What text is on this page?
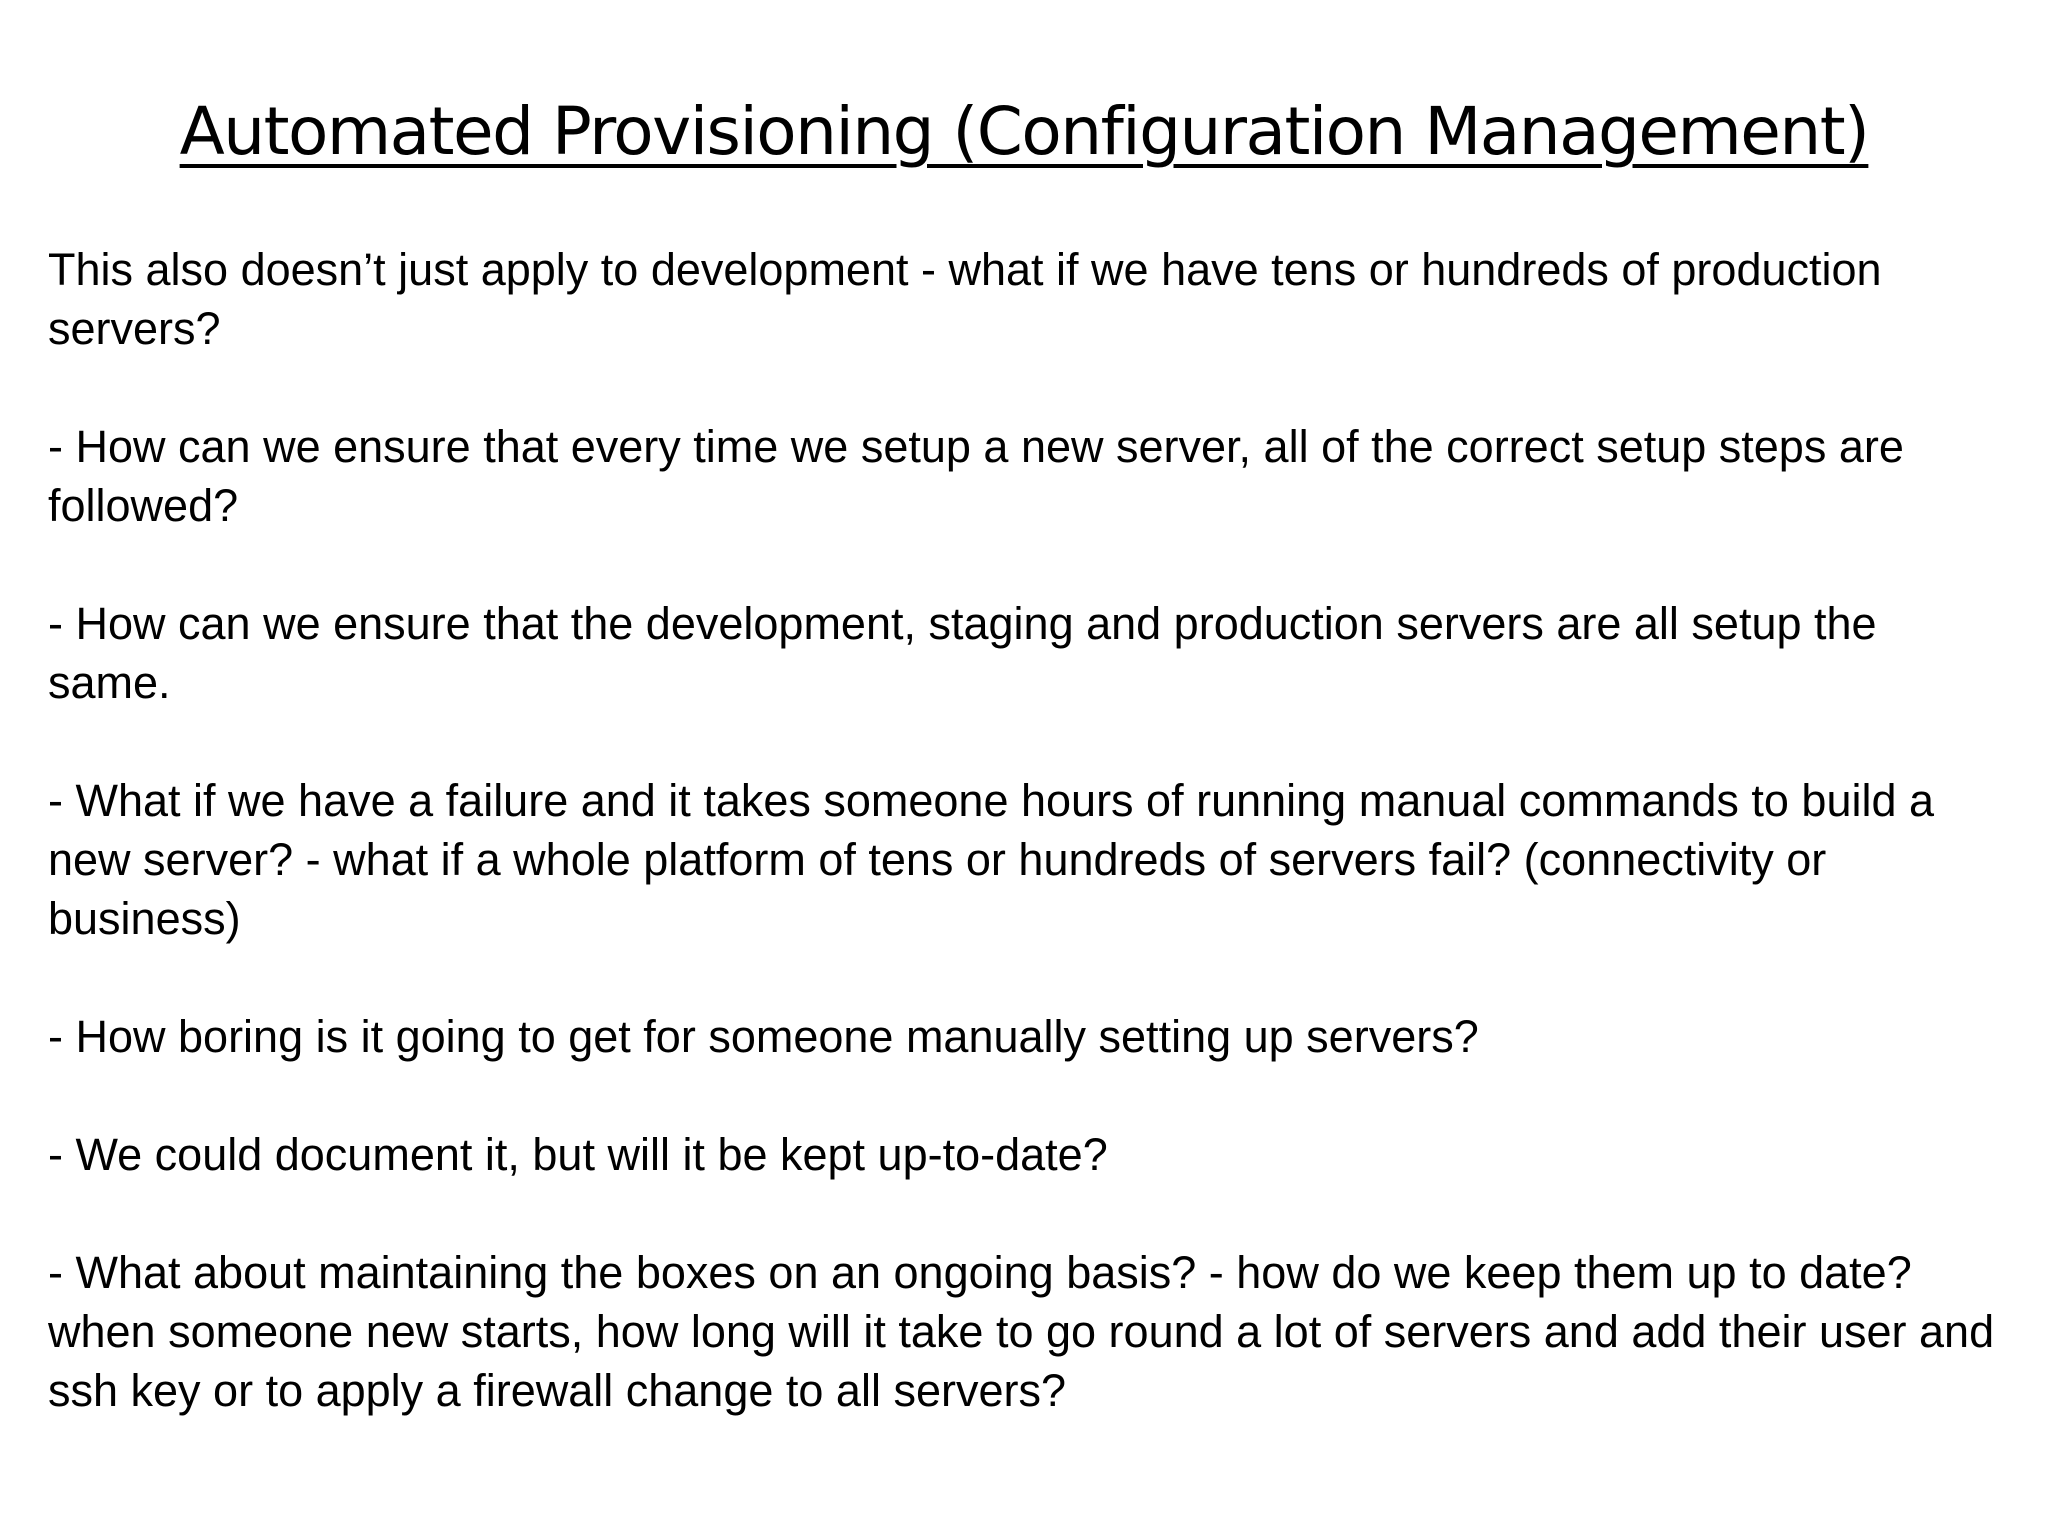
Automated Provisioning (Configuration Management)

This also doesn’t just apply to development - what if we have tens or hundreds of production servers?

- How can we ensure that every time we setup a new server, all of the correct setup steps are followed?

- How can we ensure that the development, staging and production servers are all setup the same.

- What if we have a failure and it takes someone hours of running manual commands to build a new server? - what if a whole platform of tens or hundreds of servers fail? (connectivity or business)

- How boring is it going to get for someone manually setting up servers?

- We could document it, but will it be kept up-to-date?

- What about maintaining the boxes on an ongoing basis? - how do we keep them up to date? when someone new starts, how long will it take to go round a lot of servers and add their user and ssh key or to apply a firewall change to all servers?
